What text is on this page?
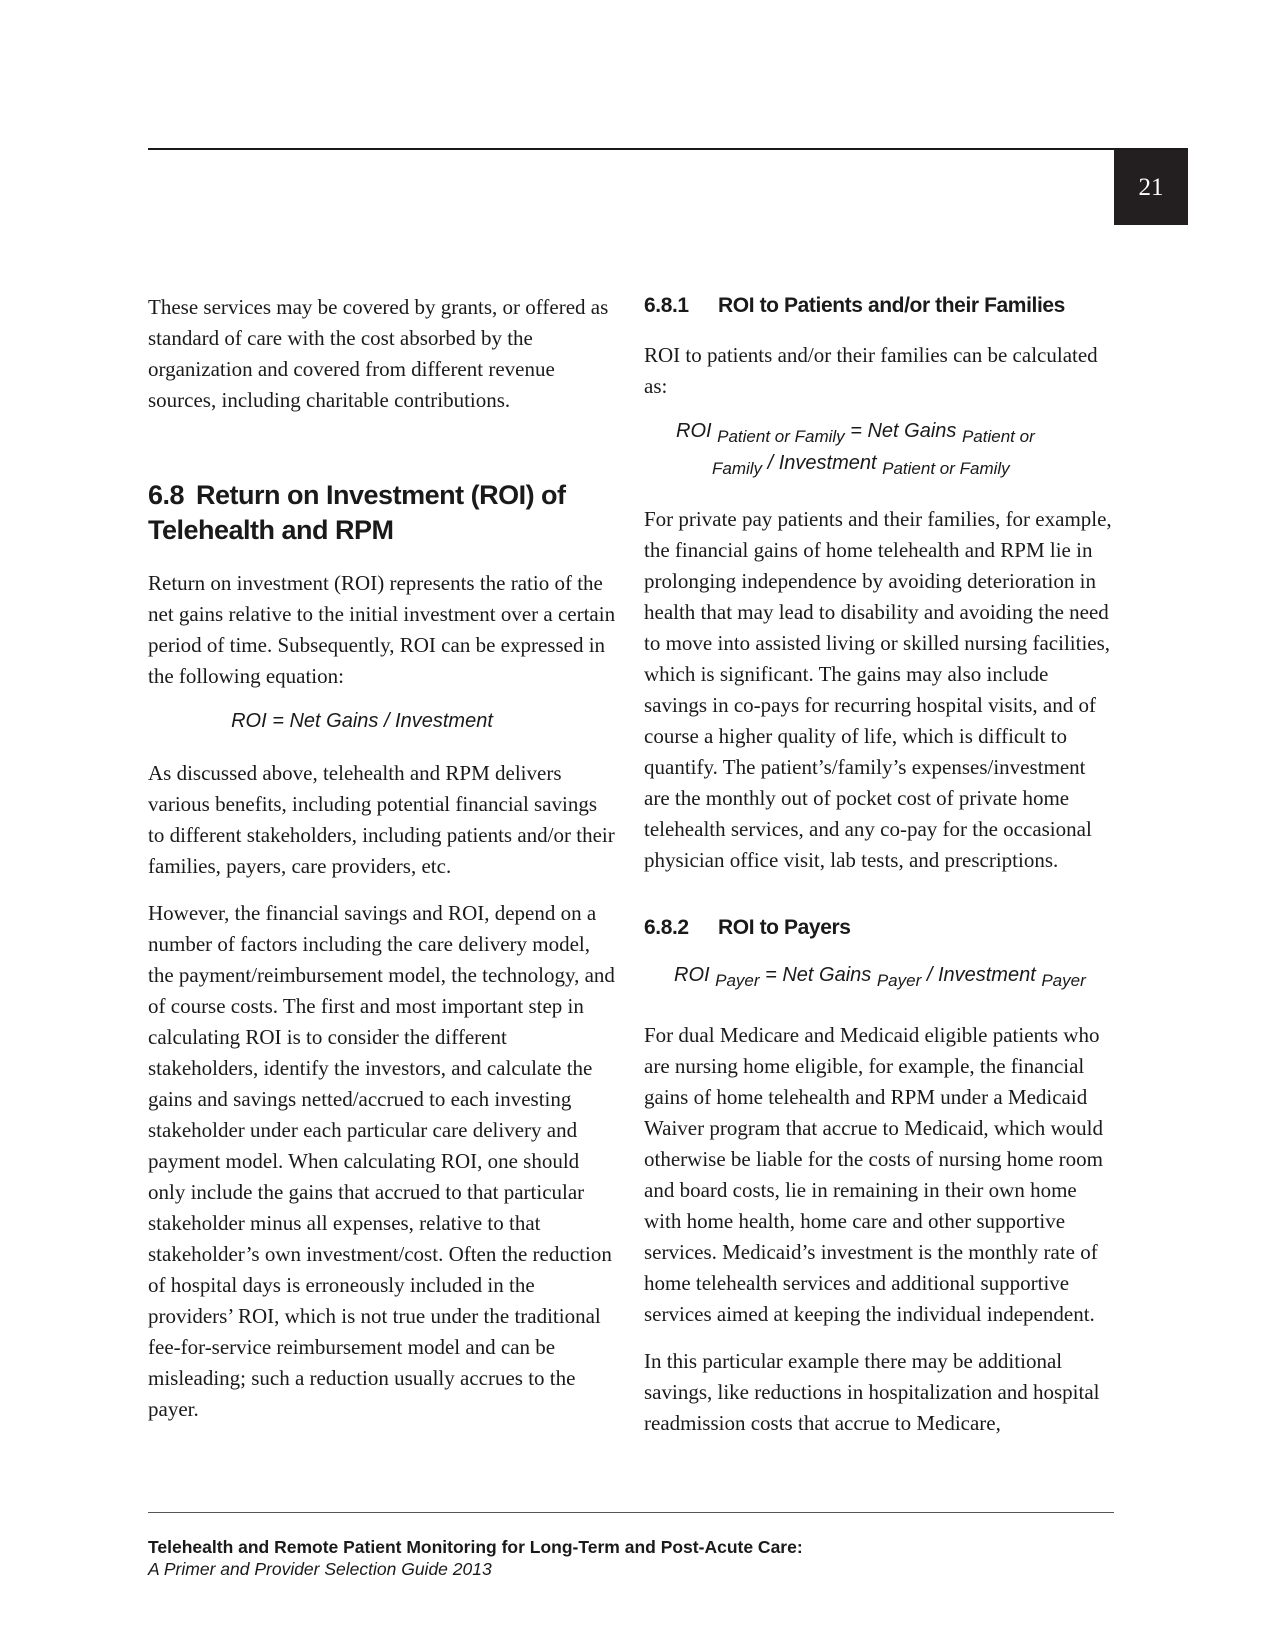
21

These services may be covered by grants, or offered as standard of care with the cost absorbed by the organization and covered from different revenue sources, including charitable contributions.

6.8 Return on Investment (ROI) of Telehealth and RPM

Return on investment (ROI) represents the ratio of the net gains relative to the initial investment over a certain period of time. Subsequently, ROI can be expressed in the following equation:

ROI = Net Gains / Investment

As discussed above, telehealth and RPM delivers various benefits, including potential financial savings to different stakeholders, including patients and/or their families, payers, care providers, etc.

However, the financial savings and ROI, depend on a number of factors including the care delivery model, the payment/reimbursement model, the technology, and of course costs. The first and most important step in calculating ROI is to consider the different stakeholders, identify the investors, and calculate the gains and savings netted/accrued to each investing stakeholder under each particular care delivery and payment model. When calculating ROI, one should only include the gains that accrued to that particular stakeholder minus all expenses, relative to that stakeholder’s own investment/cost. Often the reduction of hospital days is erroneously included in the providers’ ROI, which is not true under the traditional fee-for-service reimbursement model and can be misleading; such a reduction usually accrues to the payer.

6.8.1 ROI to Patients and/or their Families

ROI to patients and/or their families can be calculated as:

ROI $_{Patient or Family}$ = Net Gains $_{Patient or}$
$_{Family}$ / Investment $_{Patient or Family}$

For private pay patients and their families, for example, the financial gains of home telehealth and RPM lie in prolonging independence by avoiding deterioration in health that may lead to disability and avoiding the need to move into assisted living or skilled nursing facilities, which is significant. The gains may also include savings in co-pays for recurring hospital visits, and of course a higher quality of life, which is difficult to quantify. The patient’s/family’s expenses/investment are the monthly out of pocket cost of private home telehealth services, and any co-pay for the occasional physician office visit, lab tests, and prescriptions.

6.8.2 ROI to Payers
ROI $_{Payer}$ = Net Gains $_{Payer}$ / Investment $_{Payer}$

For dual Medicare and Medicaid eligible patients who are nursing home eligible, for example, the financial gains of home telehealth and RPM under a Medicaid Waiver program that accrue to Medicaid, which would otherwise be liable for the costs of nursing home room and board costs, lie in remaining in their own home with home health, home care and other supportive services. Medicaid’s investment is the monthly rate of home telehealth services and additional supportive services aimed at keeping the individual independent.

In this particular example there may be additional savings, like reductions in hospitalization and hospital readmission costs that accrue to Medicare,

Telehealth and Remote Patient Monitoring for Long-Term and Post-Acute Care:
A Primer and Provider Selection Guide 2013
